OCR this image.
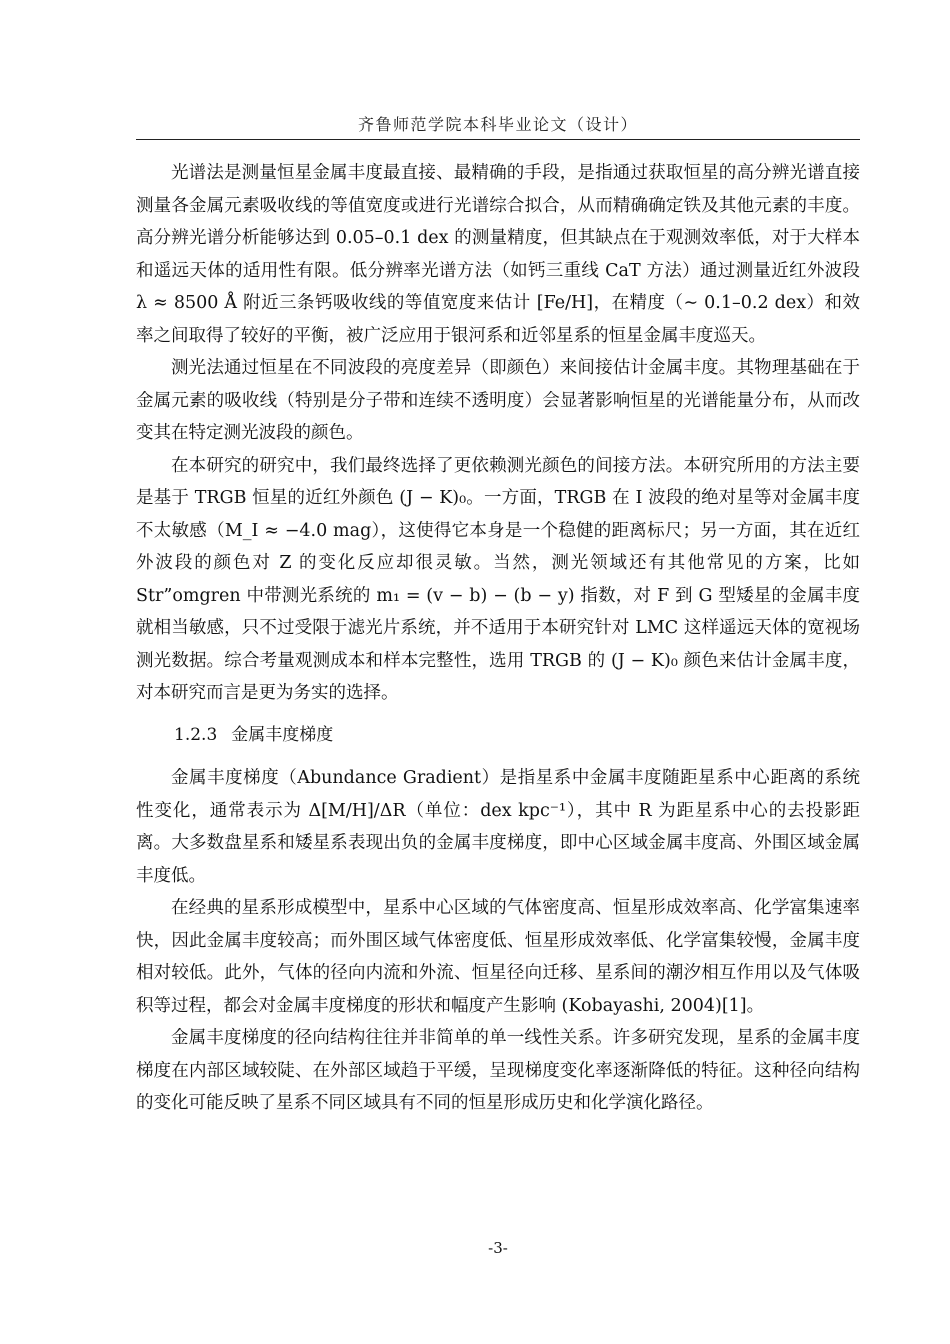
齐鲁师范学院本科毕业论文（设计）

光谱法是测量恒星金属丰度最直接、最精确的手段，是指通过获取恒星的高分辨光谱直接测量各金属元素吸收线的等值宽度或进行光谱综合拟合，从而精确确定铁及其他元素的丰度。高分辨光谱分析能够达到 0.05–0.1 dex 的测量精度，但其缺点在于观测效率低，对于大样本和遥远天体的适用性有限。低分辨率光谱方法（如钙三重线 CaT 方法）通过测量近红外波段 λ ≈ 8500 Å 附近三条钙吸收线的等值宽度来估计 [Fe/H]，在精度（∼ 0.1–0.2 dex）和效率之间取得了较好的平衡，被广泛应用于银河系和近邻星系的恒星金属丰度巡天。

测光法通过恒星在不同波段的亮度差异（即颜色）来间接估计金属丰度。其物理基础在于金属元素的吸收线（特别是分子带和连续不透明度）会显著影响恒星的光谱能量分布，从而改变其在特定测光波段的颜色。

在本研究的研究中，我们最终选择了更依赖测光颜色的间接方法。本研究所用的方法主要是基于 TRGB 恒星的近红外颜色 (J − K)₀。一方面，TRGB 在 I 波段的绝对星等对金属丰度不太敏感（M_I ≈ −4.0 mag），这使得它本身是一个稳健的距离标尺；另一方面，其在近红外波段的颜色对 Z 的变化反应却很灵敏。当然，测光领域还有其他常见的方案，比如 Str”omgren 中带测光系统的 m₁ = (v − b) − (b − y) 指数，对 F 到 G 型矮星的金属丰度就相当敏感，只不过受限于滤光片系统，并不适用于本研究针对 LMC 这样遥远天体的宽视场测光数据。综合考量观测成本和样本完整性，选用 TRGB 的 (J − K)₀ 颜色来估计金属丰度，对本研究而言是更为务实的选择。

1.2.3 金属丰度梯度

金属丰度梯度（Abundance Gradient）是指星系中金属丰度随距星系中心距离的系统性变化，通常表示为 Δ[M/H]/ΔR（单位：dex kpc⁻¹），其中 R 为距星系中心的去投影距离。大多数盘星系和矮星系表现出负的金属丰度梯度，即中心区域金属丰度高、外围区域金属丰度低。

在经典的星系形成模型中，星系中心区域的气体密度高、恒星形成效率高、化学富集速率快，因此金属丰度较高；而外围区域气体密度低、恒星形成效率低、化学富集较慢，金属丰度相对较低。此外，气体的径向内流和外流、恒星径向迁移、星系间的潮汐相互作用以及气体吸积等过程，都会对金属丰度梯度的形状和幅度产生影响 (Kobayashi, 2004)[1]。

金属丰度梯度的径向结构往往并非简单的单一线性关系。许多研究发现，星系的金属丰度梯度在内部区域较陡、在外部区域趋于平缓，呈现梯度变化率逐渐降低的特征。这种径向结构的变化可能反映了星系不同区域具有不同的恒星形成历史和化学演化路径。

-3-
